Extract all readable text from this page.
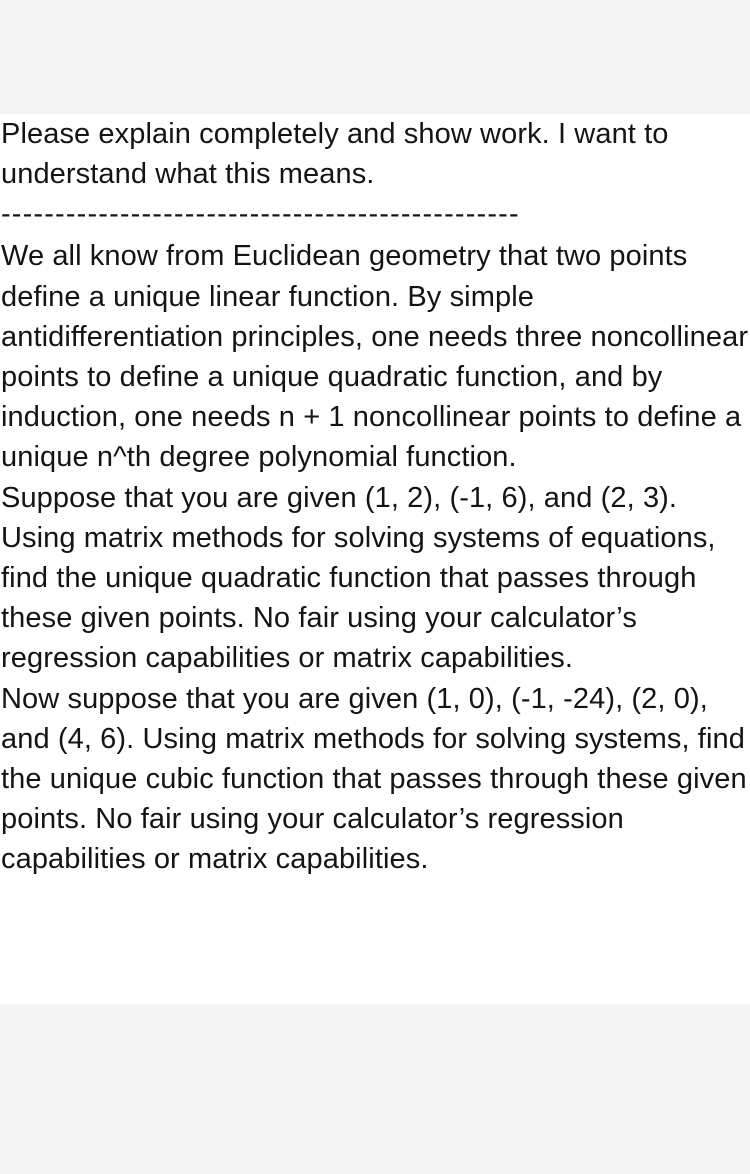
Please explain completely and show work. I want to understand what this means.
------------------------------------------------
We all know from Euclidean geometry that two points define a unique linear function. By simple antidifferentiation principles, one needs three noncollinear points to define a unique quadratic function, and by induction, one needs n + 1 noncollinear points to define a unique n^th degree polynomial function.
Suppose that you are given (1, 2), (-1, 6), and (2, 3). Using matrix methods for solving systems of equations, find the unique quadratic function that passes through these given points. No fair using your calculator’s regression capabilities or matrix capabilities.
Now suppose that you are given (1, 0), (-1, -24), (2, 0), and (4, 6). Using matrix methods for solving systems, find the unique cubic function that passes through these given points. No fair using your calculator’s regression capabilities or matrix capabilities.
